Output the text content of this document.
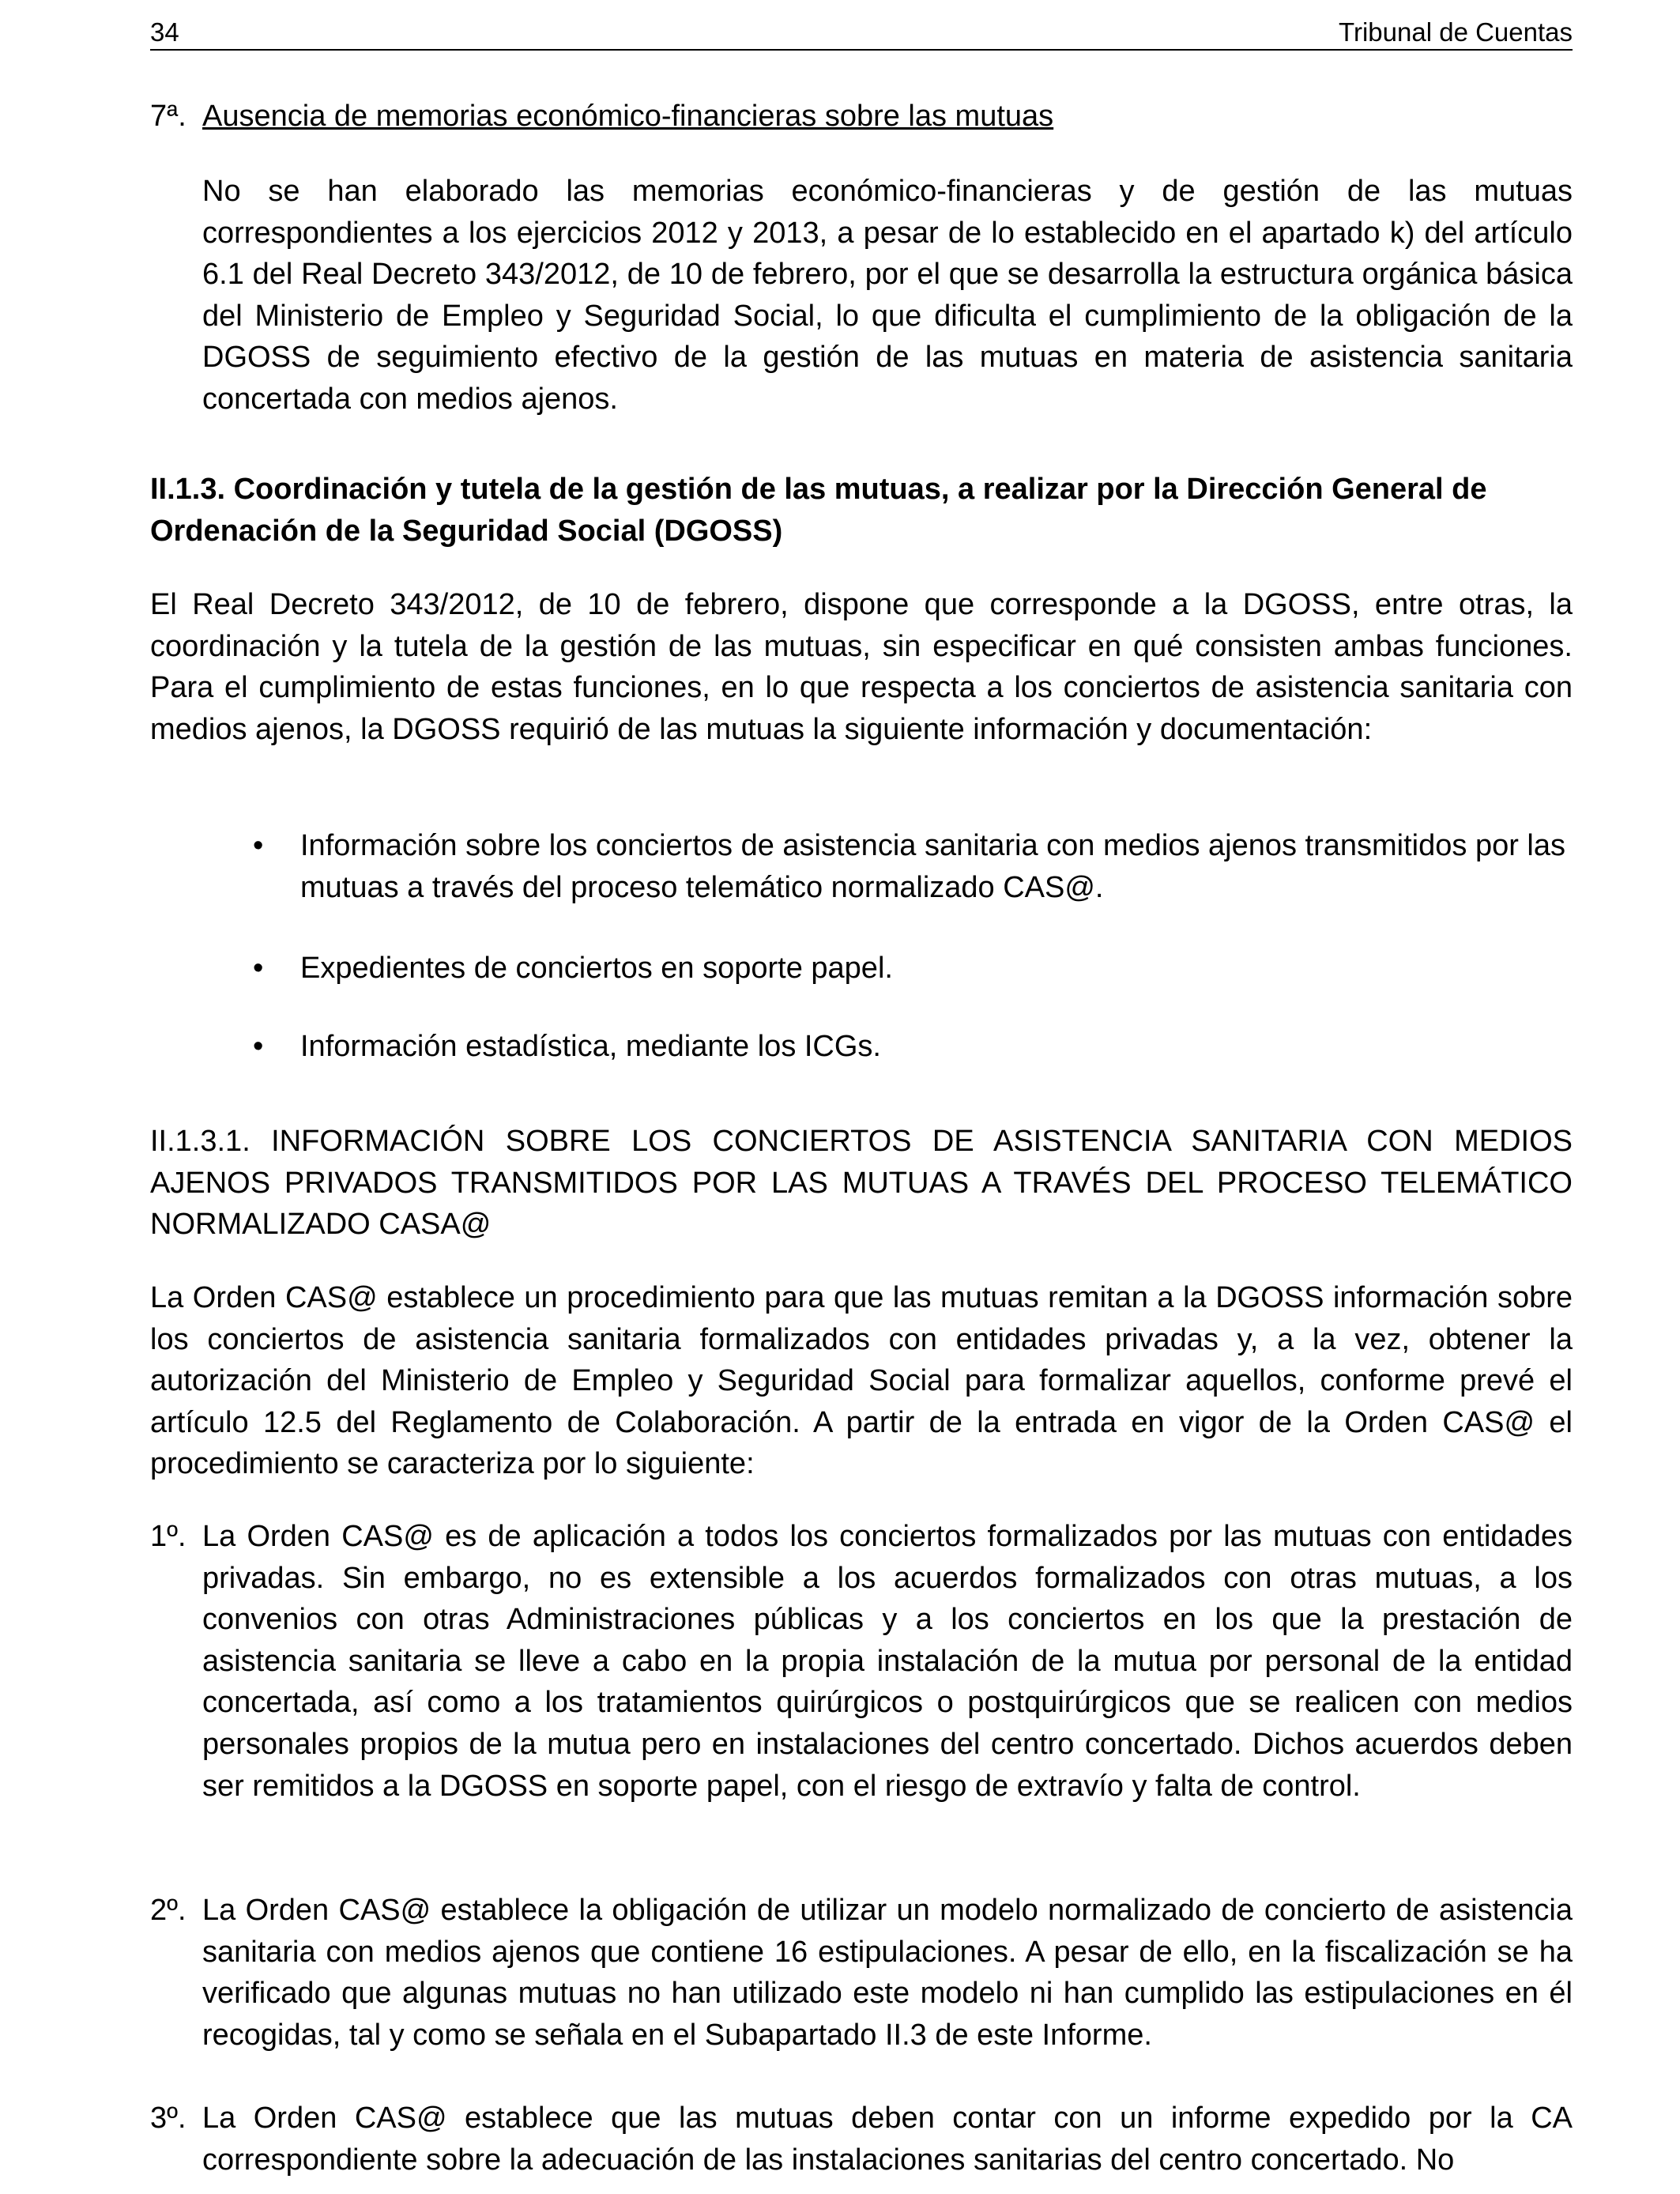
34	Tribunal de Cuentas
7ª. Ausencia de memorias económico-financieras sobre las mutuas
No se han elaborado las memorias económico-financieras y de gestión de las mutuas correspondientes a los ejercicios 2012 y 2013, a pesar de lo establecido en el apartado k) del artículo 6.1 del Real Decreto 343/2012, de 10 de febrero, por el que se desarrolla la estructura orgánica básica del Ministerio de Empleo y Seguridad Social, lo que dificulta el cumplimiento de la obligación de la DGOSS de seguimiento efectivo de la gestión de las mutuas en materia de asistencia sanitaria concertada con medios ajenos.
II.1.3. Coordinación y tutela de la gestión de las mutuas, a realizar por la Dirección General de Ordenación de la Seguridad Social (DGOSS)
El Real Decreto 343/2012, de 10 de febrero, dispone que corresponde a la DGOSS, entre otras, la coordinación y la tutela de la gestión de las mutuas, sin especificar en qué consisten ambas funciones. Para el cumplimiento de estas funciones, en lo que respecta a los conciertos de asistencia sanitaria con medios ajenos, la DGOSS requirió de las mutuas la siguiente información y documentación:
• Información sobre los conciertos de asistencia sanitaria con medios ajenos transmitidos por las mutuas a través del proceso telemático normalizado CAS@.
• Expedientes de conciertos en soporte papel.
• Información estadística, mediante los ICGs.
II.1.3.1. INFORMACIÓN SOBRE LOS CONCIERTOS DE ASISTENCIA SANITARIA CON MEDIOS AJENOS PRIVADOS TRANSMITIDOS POR LAS MUTUAS A TRAVÉS DEL PROCESO TELEMÁTICO NORMALIZADO CASA@
La Orden CAS@ establece un procedimiento para que las mutuas remitan a la DGOSS información sobre los conciertos de asistencia sanitaria formalizados con entidades privadas y, a la vez, obtener la autorización del Ministerio de Empleo y Seguridad Social para formalizar aquellos, conforme prevé el artículo 12.5 del Reglamento de Colaboración. A partir de la entrada en vigor de la Orden CAS@ el procedimiento se caracteriza por lo siguiente:
1º. La Orden CAS@ es de aplicación a todos los conciertos formalizados por las mutuas con entidades privadas. Sin embargo, no es extensible a los acuerdos formalizados con otras mutuas, a los convenios con otras Administraciones públicas y a los conciertos en los que la prestación de asistencia sanitaria se lleve a cabo en la propia instalación de la mutua por personal de la entidad concertada, así como a los tratamientos quirúrgicos o postquirúrgicos que se realicen con medios personales propios de la mutua pero en instalaciones del centro concertado. Dichos acuerdos deben ser remitidos a la DGOSS en soporte papel, con el riesgo de extravío y falta de control.
2º. La Orden CAS@ establece la obligación de utilizar un modelo normalizado de concierto de asistencia sanitaria con medios ajenos que contiene 16 estipulaciones. A pesar de ello, en la fiscalización se ha verificado que algunas mutuas no han utilizado este modelo ni han cumplido las estipulaciones en él recogidas, tal y como se señala en el Subapartado II.3 de este Informe.
3º. La Orden CAS@ establece que las mutuas deben contar con un informe expedido por la CA correspondiente sobre la adecuación de las instalaciones sanitarias del centro concertado. No
